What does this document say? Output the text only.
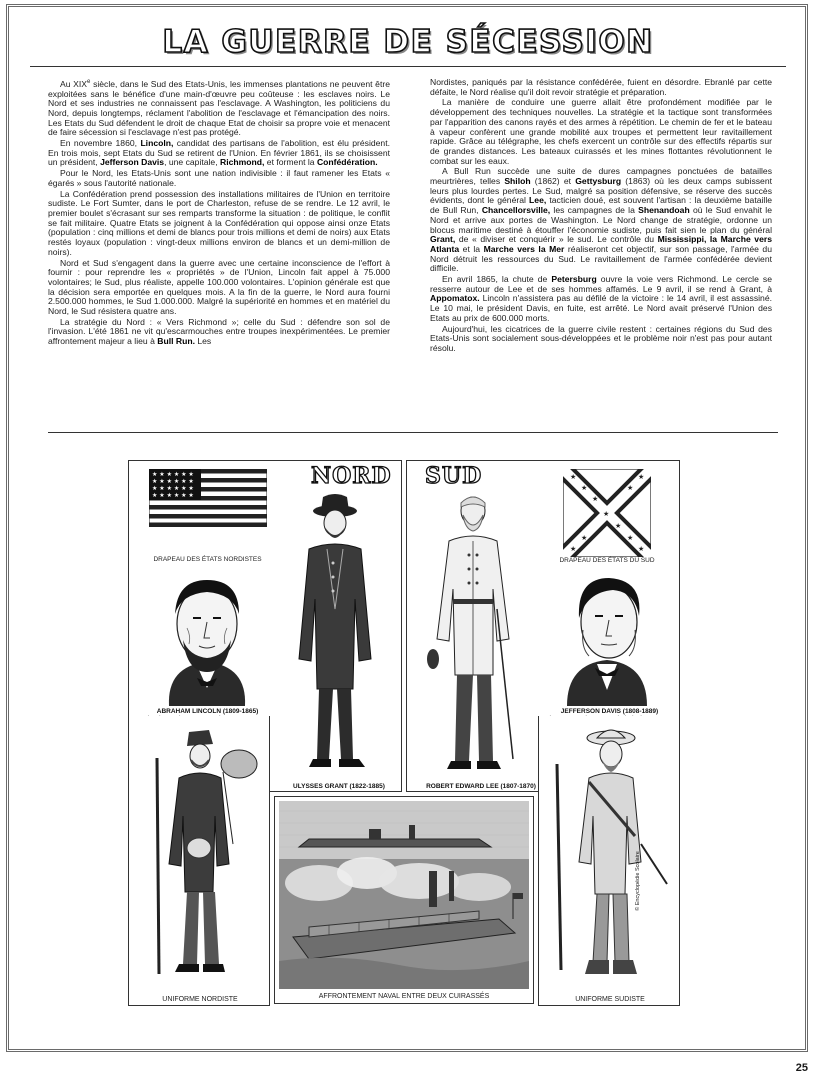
LA GUERRE DE SÉCESSION

Au XIXe siècle, dans le Sud des Etats-Unis, les immenses plantations ne peuvent être exploitées sans le bénéfice d'une main-d'œuvre peu coûteuse : les esclaves noirs. Le Nord et ses industries ne connaissent pas l'esclavage. A Washington, les politiciens du Nord, depuis longtemps, réclament l'abolition de l'esclavage et l'émancipation des noirs. Les Etats du Sud défendent le droit de chaque Etat de choisir sa propre voie et menacent de faire sécession si l'esclavage n'est pas protégé.

En novembre 1860, Lincoln, candidat des partisans de l'abolition, est élu président. En trois mois, sept Etats du Sud se retirent de l'Union. En février 1861, ils se choisissent un président, Jefferson Davis, une capitale, Richmond, et forment la Confédération.

Pour le Nord, les Etats-Unis sont une nation indivisible : il faut ramener les Etats « égarés » sous l'autorité nationale.

La Confédération prend possession des installations militaires de l'Union en territoire sudiste. Le Fort Sumter, dans le port de Charleston, refuse de se rendre. Le 12 avril, le premier boulet s'écrasant sur ses remparts transforme la situation : de politique, le conflit se fait militaire. Quatre Etats se joignent à la Confédération qui oppose ainsi onze Etats (population : cinq millions et demi de blancs pour trois millions et demi de noirs) aux Etats restés loyaux (population : vingt-deux millions environ de blancs et un demi-million de noirs).

Nord et Sud s'engagent dans la guerre avec une certaine inconscience de l'effort à fournir : pour reprendre les « propriétés » de l'Union, Lincoln fait appel à 75.000 volontaires; le Sud, plus réaliste, appelle 100.000 volontaires. L'opinion générale est que la décision sera emportée en quelques mois. A la fin de la guerre, le Nord aura fourni 2.500.000 hommes, le Sud 1.000.000. Malgré la supériorité en hommes et en matériel du Nord, le Sud résistera quatre ans.

La stratégie du Nord : « Vers Richmond »; celle du Sud : défendre son sol de l'invasion. L'été 1861 ne vit qu'escarmouches entre troupes inexpérimentées. Le premier affrontement majeur a lieu à Bull Run. Les

Nordistes, paniqués par la résistance confédérée, fuient en désordre. Ebranlé par cette défaite, le Nord réalise qu'il doit revoir stratégie et préparation.

La manière de conduire une guerre allait être profondément modifiée par le développement des techniques nouvelles. La stratégie et la tactique sont transformées par l'apparition des canons rayés et des armes à répétition. Le chemin de fer et le bateau à vapeur confèrent une grande mobilité aux troupes et permettent leur ravitaillement rapide. Grâce au télégraphe, les chefs exercent un contrôle sur des effectifs répartis sur de grandes distances. Les bateaux cuirassés et les mines flottantes révolutionnent le combat sur les eaux.

A Bull Run succède une suite de dures campagnes ponctuées de batailles meurtrières, telles Shiloh (1862) et Gettysburg (1863) où les deux camps subissent leurs plus lourdes pertes. Le Sud, malgré sa position défensive, se réserve des succès évidents, dont le général Lee, tacticien doué, est souvent l'artisan : la deuxième bataille de Bull Run, Chancellorsville, les campagnes de la Shenandoah où le Sud envahit le Nord et arrive aux portes de Washington. Le Nord change de stratégie, ordonne un blocus maritime destiné à étouffer l'économie sudiste, puis fait sien le plan du général Grant, de « diviser et conquérir » le sud. Le contrôle du Mississippi, la Marche vers Atlanta et la Marche vers la Mer réaliseront cet objectif, sur son passage, l'armée du Nord détruit les ressources du Sud. Le ravitaillement de l'armée confédérée devient difficile.

En avril 1865, la chute de Petersburg ouvre la voie vers Richmond. Le cercle se resserre autour de Lee et de ses hommes affamés. Le 9 avril, il se rend à Grant, à Appomatox. Lincoln n'assistera pas au défilé de la victoire : le 14 avril, il est assassiné. Le 10 mai, le président Davis, en fuite, est arrêté. Le Nord avait préservé l'Union des Etats au prix de 600.000 morts.

Aujourd'hui, les cicatrices de la guerre civile restent : certaines régions du Sud des Etats-Unis sont socialement sous-développées et le problème noir n'est pas pour autant résolu.

NORD
★ ★ ★ ★ ★ ★
★ ★ ★ ★ ★ ★
★ ★ ★ ★ ★ ★
★ ★ ★ ★ ★ ★
DRAPEAU DES ÉTATS NORDISTES
ABRAHAM LINCOLN (1809-1865)
ULYSSES GRANT (1822-1885)
SUD	★
★
★
★
★
★
★
★
★
★
★
DRAPEAU DES ÉTATS DU SUD
ROBERT EDWARD LEE (1807-1870)
JEFFERSON DAVIS (1808-1889)
UNIFORME NORDISTE	AFFRONTEMENT NAVAL ENTRE DEUX CUIRASSÉS
© Encyclopédie Scolaire
UNIFORME SUDISTE
25
